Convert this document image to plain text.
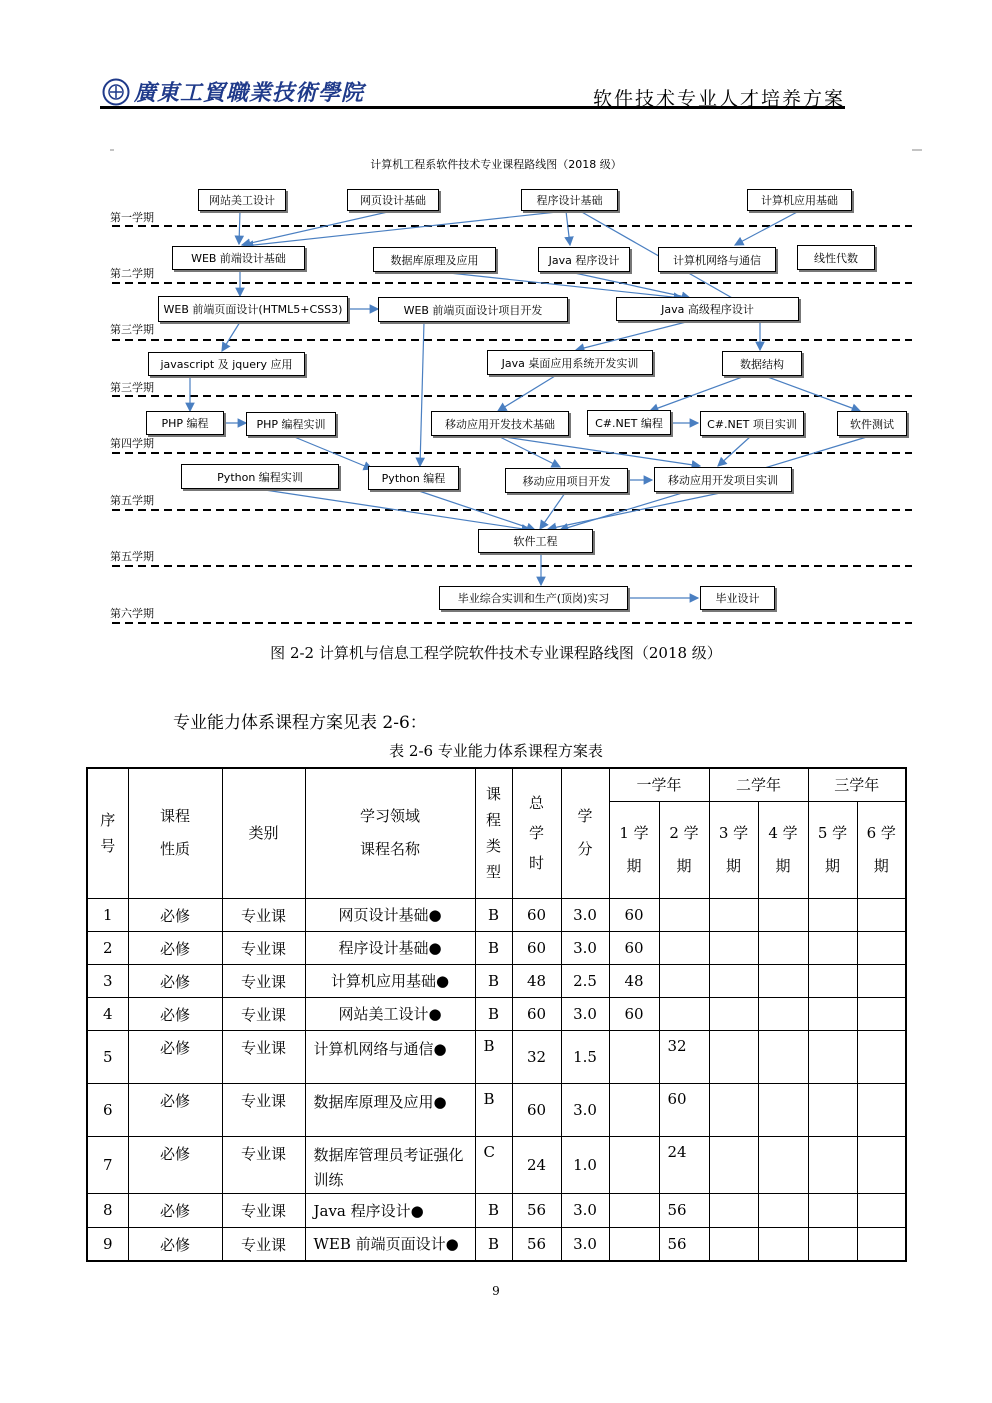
廣東工貿職業技術學院	软件技术专业人才培养方案
计算机工程系软件技术专业课程路线图（2018 级）
第一学期
第二学期
第三学期
第三学期
第四学期
第五学期
第五学期
第六学期
网站美工设计	网页设计基础	程序设计基础	计算机应用基础
WEB 前端设计基础	数据库原理及应用	Java 程序设计	计算机网络与通信	线性代数
WEB 前端页面设计(HTML5+CSS3)	WEB 前端页面设计项目开发	Java 高级程序设计
javascript 及 jquery 应用	Java 桌面应用系统开发实训	数据结构
PHP 编程	PHP 编程实训	移动应用开发技术基础	C#.NET 编程	C#.NET 项目实训	软件测试
Python 编程实训	Python 编程	移动应用项目开发	移动应用开发项目实训
软件工程
毕业综合实训和生产(顶岗)实习	毕业设计
图 2-2 计算机与信息工程学院软件技术专业课程路线图（2018 级）
专业能力体系课程方案见表 2-6：
表 2-6 专业能力体系课程方案表
序号	课程性质	类别	学习领域课程名称	课程类型	总学时	学分	一学年		二学年		三学年	

							1 学期	2 学期	3 学期	4 学期	5 学期	6 学期

1	必修	专业课	网页设计基础●	B	60	3.0	60					
2	必修	专业课	程序设计基础●	B	60	3.0	60					
3	必修	专业课	计算机应用基础●	B	48	2.5	48					
4	必修	专业课	网站美工设计●	B	60	3.0	60					
5	必修	专业课	计算机网络与通信●	B	32	1.5		32				
6	必修	专业课	数据库原理及应用●	B	60	3.0		60				
7	必修	专业课	数据库管理员考证强化训练	C	24	1.0		24				
8	必修	专业课	Java 程序设计●	B	56	3.0		56				
9	必修	专业课	WEB 前端页面设计●	B	56	3.0		56				
9
